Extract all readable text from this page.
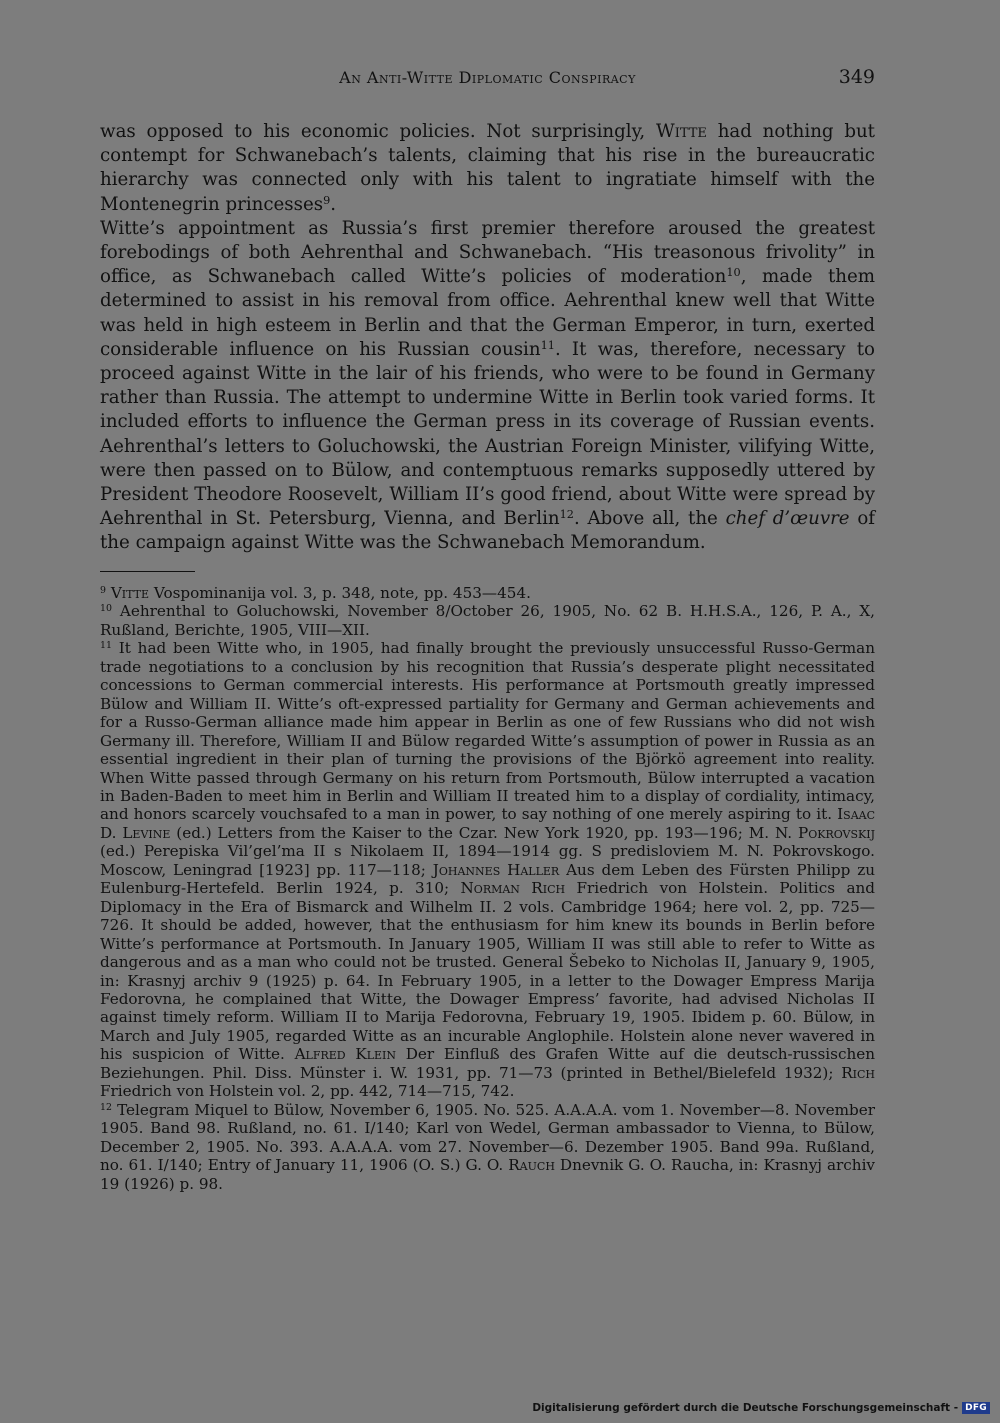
An Anti-Witte Diplomatic Conspiracy	349

was opposed to his economic policies. Not surprisingly, Witte had nothing but contempt for Schwanebach’s talents, claiming that his rise in the bureaucratic hierarchy was connected only with his talent to ingratiate himself with the Montenegrin princesses$^9$.

Witte’s appointment as Russia’s first premier therefore aroused the greatest forebodings of both Aehrenthal and Schwanebach. “His treasonous frivolity” in office, as Schwanebach called Witte’s policies of moderation$^{10}$, made them determined to assist in his removal from office. Aehrenthal knew well that Witte was held in high esteem in Berlin and that the German Emperor, in turn, exerted considerable influence on his Russian cousin$^{11}$. It was, therefore, necessary to proceed against Witte in the lair of his friends, who were to be found in Germany rather than Russia. The attempt to undermine Witte in Berlin took varied forms. It included efforts to influence the German press in its coverage of Russian events. Aehrenthal’s letters to Goluchowski, the Austrian Foreign Minister, vilifying Witte, were then passed on to Bülow, and contemptuous remarks supposedly uttered by President Theodore Roosevelt, William II’s good friend, about Witte were spread by Aehrenthal in St. Petersburg, Vienna, and Berlin$^{12}$. Above all, the chef d’œuvre of the campaign against Witte was the Schwanebach Memorandum.

$^9$ Vitte Vospominanija vol. 3, p. 348, note, pp. 453—454.

$^{10}$ Aehrenthal to Goluchowski, November 8/October 26, 1905, No. 62 B. H.H.S.A., 126, P. A., X, Rußland, Berichte, 1905, VIII—XII.

$^{11}$ It had been Witte who, in 1905, had finally brought the previously unsuccessful Russo-German trade negotiations to a conclusion by his recognition that Russia’s desperate plight necessitated concessions to German commercial interests. His performance at Portsmouth greatly impressed Bülow and William II. Witte’s oft-expressed partiality for Germany and German achievements and for a Russo-German alliance made him appear in Berlin as one of few Russians who did not wish Germany ill. Therefore, William II and Bülow regarded Witte’s assumption of power in Russia as an essential ingredient in their plan of turning the provisions of the Björkö agreement into reality. When Witte passed through Germany on his return from Portsmouth, Bülow interrupted a vacation in Baden-Baden to meet him in Berlin and William II treated him to a display of cordiality, intimacy, and honors scarcely vouchsafed to a man in power, to say nothing of one merely aspiring to it. Isaac D. Levine (ed.) Letters from the Kaiser to the Czar. New York 1920, pp. 193—196; M. N. Pokrovskij (ed.) Perepiska Vil’gel’ma II s Nikolaem II, 1894—1914 gg. S predisloviem M. N. Pokrovskogo. Moscow, Leningrad [1923] pp. 117—118; Johannes Haller Aus dem Leben des Fürsten Philipp zu Eulenburg-Hertefeld. Berlin 1924, p. 310; Norman Rich Friedrich von Holstein. Politics and Diplomacy in the Era of Bismarck and Wilhelm II. 2 vols. Cambridge 1964; here vol. 2, pp. 725—726. It should be added, however, that the enthusiasm for him knew its bounds in Berlin before Witte’s performance at Portsmouth. In January 1905, William II was still able to refer to Witte as dangerous and as a man who could not be trusted. General Šebeko to Nicholas II, January 9, 1905, in: Krasnyj archiv 9 (1925) p. 64. In February 1905, in a letter to the Dowager Empress Marija Fedorovna, he complained that Witte, the Dowager Empress’ favorite, had advised Nicholas II against timely reform. William II to Marija Fedorovna, February 19, 1905. Ibidem p. 60. Bülow, in March and July 1905, regarded Witte as an incurable Anglophile. Holstein alone never wavered in his suspicion of Witte. Alfred Klein Der Einfluß des Grafen Witte auf die deutsch-russischen Beziehungen. Phil. Diss. Münster i. W. 1931, pp. 71—73 (printed in Bethel/Bielefeld 1932); Rich Friedrich von Holstein vol. 2, pp. 442, 714—715, 742.

$^{12}$ Telegram Miquel to Bülow, November 6, 1905. No. 525. A.A.A.A. vom 1. November—8. November 1905. Band 98. Rußland, no. 61. I/140; Karl von Wedel, German ambassador to Vienna, to Bülow, December 2, 1905. No. 393. A.A.A.A. vom 27. November—6. Dezember 1905. Band 99a. Rußland, no. 61. I/140; Entry of January 11, 1906 (O. S.) G. O. Rauch Dnevnik G. O. Raucha, in: Krasnyj archiv 19 (1926) p. 98.

Digitalisierung gefördert durch die Deutsche Forschungsgemeinschaft - DFG
